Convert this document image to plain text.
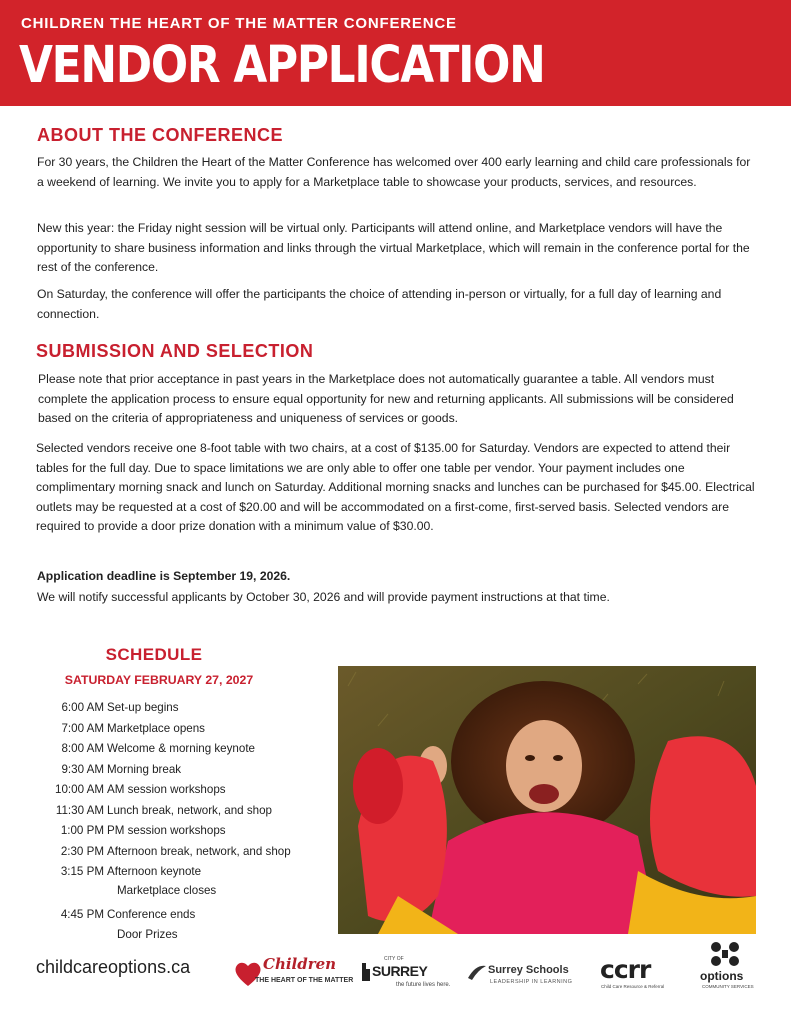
CHILDREN THE HEART OF THE MATTER CONFERENCE
VENDOR APPLICATION
ABOUT THE CONFERENCE
For 30 years, the Children the Heart of the Matter Conference has welcomed over 400 early learning and child care professionals for a weekend of learning. We invite you to apply for a Marketplace table to showcase your products, services, and resources.
New this year: the Friday night session will be virtual only. Participants will attend online, and Marketplace vendors will have the opportunity to share business information and links through the virtual Marketplace, which will remain in the conference portal for the rest of the conference.
On Saturday, the conference will offer the participants the choice of attending in-person or virtually, for a full day of learning and connection.
SUBMISSION AND SELECTION
Please note that prior acceptance in past years in the Marketplace does not automatically guarantee a table. All vendors must complete the application process to ensure equal opportunity for new and returning applicants. All submissions will be considered based on the criteria of appropriateness and uniqueness of services or goods.
Selected vendors receive one 8-foot table with two chairs, at a cost of $135.00 for Saturday. Vendors are expected to attend their tables for the full day. Due to space limitations we are only able to offer one table per vendor. Your payment includes one complimentary morning snack and lunch on Saturday. Additional morning snacks and lunches can be purchased for $45.00. Electrical outlets may be requested at a cost of $20.00 and will be accommodated on a first-come, first-served basis. Selected vendors are required to provide a door prize donation with a minimum value of $30.00.
Application deadline is September 19, 2026.
We will notify successful applicants by October 30, 2026 and will provide payment instructions at that time.
SCHEDULE
SATURDAY FEBRUARY 27, 2027
6:00 AM Set-up begins
7:00 AM Marketplace opens
8:00 AM Welcome & morning keynote
9:30 AM Morning break
10:00 AM AM session workshops
11:30 AM Lunch break, network, and shop
1:00 PM PM session workshops
2:30 PM Afternoon break, network, and shop
3:15 PM Afternoon keynote
Marketplace closes
4:45 PM Conference ends
Door Prizes
childcareoptions.ca	Children
THE HEART OF THE MATTER
CITY OF
SURREY
the future lives here.
Surrey Schools
LEADERSHIP IN LEARNING ccrr
Child Care Resource & Referral
options
COMMUNITY SERVICES
